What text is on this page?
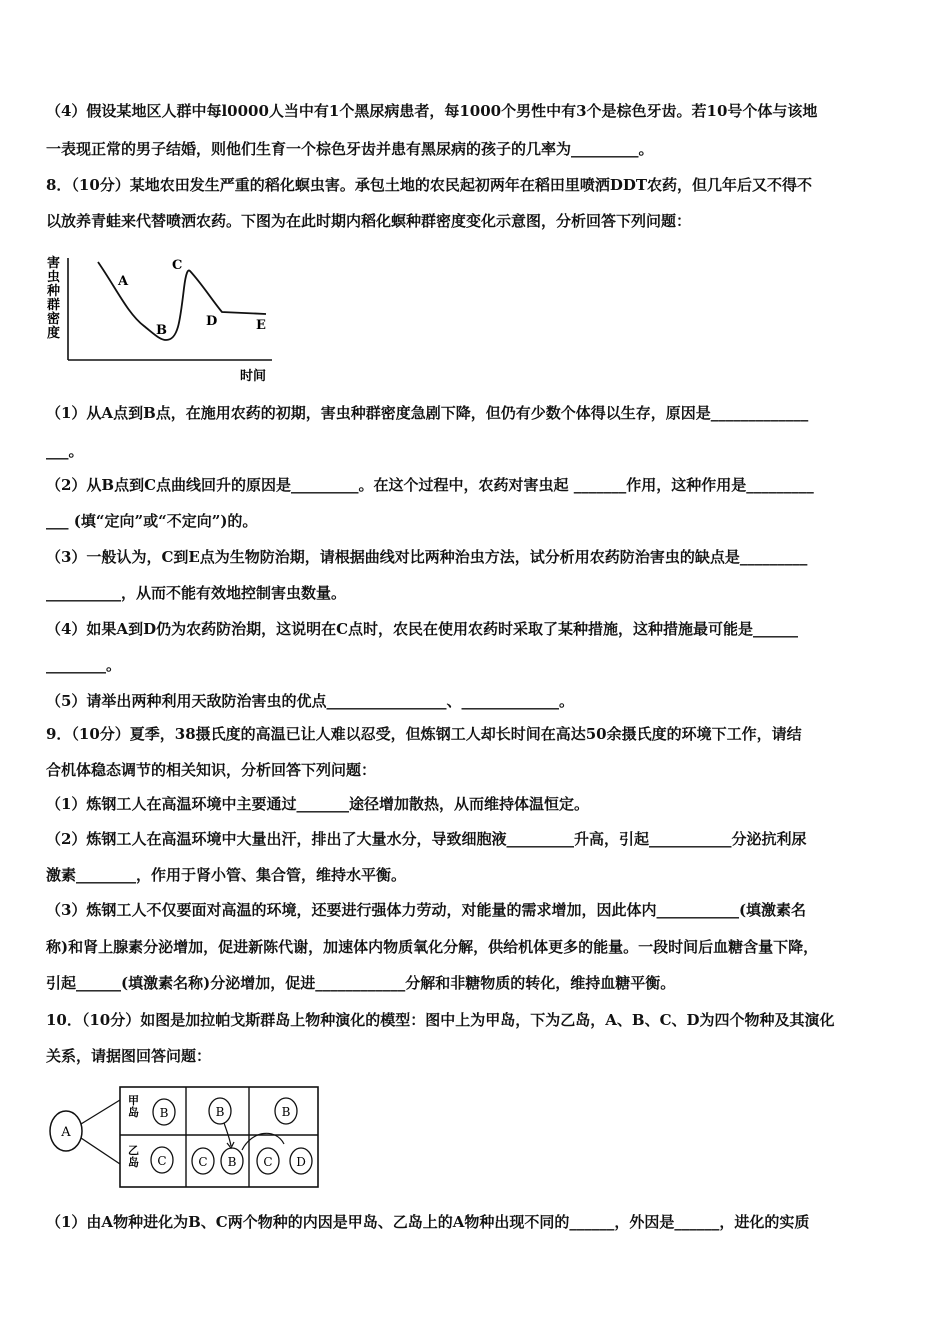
（4）假设某地区人群中每l0000人当中有1个黑尿病患者，每1000个男性中有3个是棕色牙齿。若10号个体与该地
一表现正常的男子结婚，则他们生育一个棕色牙齿并患有黑尿病的孩子的几率为_________。
8．（10分）某地农田发生严重的稻化螟虫害。承包土地的农民起初两年在稻田里喷洒DDT农药，但几年后又不得不
以放养青蛙来代替喷洒农药。下图为在此时期内稻化螟种群密度变化示意图，分析回答下列问题：
害
虫
种
群
密
度
A
B
C
D	E
时间
（1）从A点到B点，在施用农药的初期，害虫种群密度急剧下降，但仍有少数个体得以生存，原因是_____________
___。
（2）从B点到C点曲线回升的原因是_________。在这个过程中，农药对害虫起 _______作用，这种作用是_________
___ (填“定向”或“不定向”)的。
（3）一般认为，C到E点为生物防治期，请根据曲线对比两种治虫方法，试分析用农药防治害虫的缺点是_________
__________，从而不能有效地控制害虫数量。
（4）如果A到D仍为农药防治期，这说明在C点时，农民在使用农药时采取了某种措施，这种措施最可能是______
________。
（5）请举出两种利用天敌防治害虫的优点________________、_____________。
9．（10分）夏季，38摄氏度的高温已让人难以忍受，但炼钢工人却长时间在高达50余摄氏度的环境下工作，请结
合机体稳态调节的相关知识，分析回答下列问题：
（1）炼钢工人在高温环境中主要通过_______途径增加散热，从而维持体温恒定。
（2）炼钢工人在高温环境中大量出汗，排出了大量水分，导致细胞液_________升高，引起___________分泌抗利尿
激素________，作用于肾小管、集合管，维持水平衡。
（3）炼钢工人不仅要面对高温的环境，还要进行强体力劳动，对能量的需求增加，因此体内___________(填激素名
称)和肾上腺素分泌增加，促进新陈代谢，加速体内物质氧化分解，供给机体更多的能量。一段时间后血糖含量下降，
引起______(填激素名称)分泌增加，促进____________分解和非糖物质的转化，维持血糖平衡。
10．（10分）如图是加拉帕戈斯群岛上物种演化的模型：图中上为甲岛，下为乙岛，A、B、C、D为四个物种及其演化
关系，请据图回答问题：
A
甲岛
乙岛
B	B	B
C	C B C D
（1）由A物种进化为B、C两个物种的内因是甲岛、乙岛上的A物种出现不同的______，外因是______，进化的实质
